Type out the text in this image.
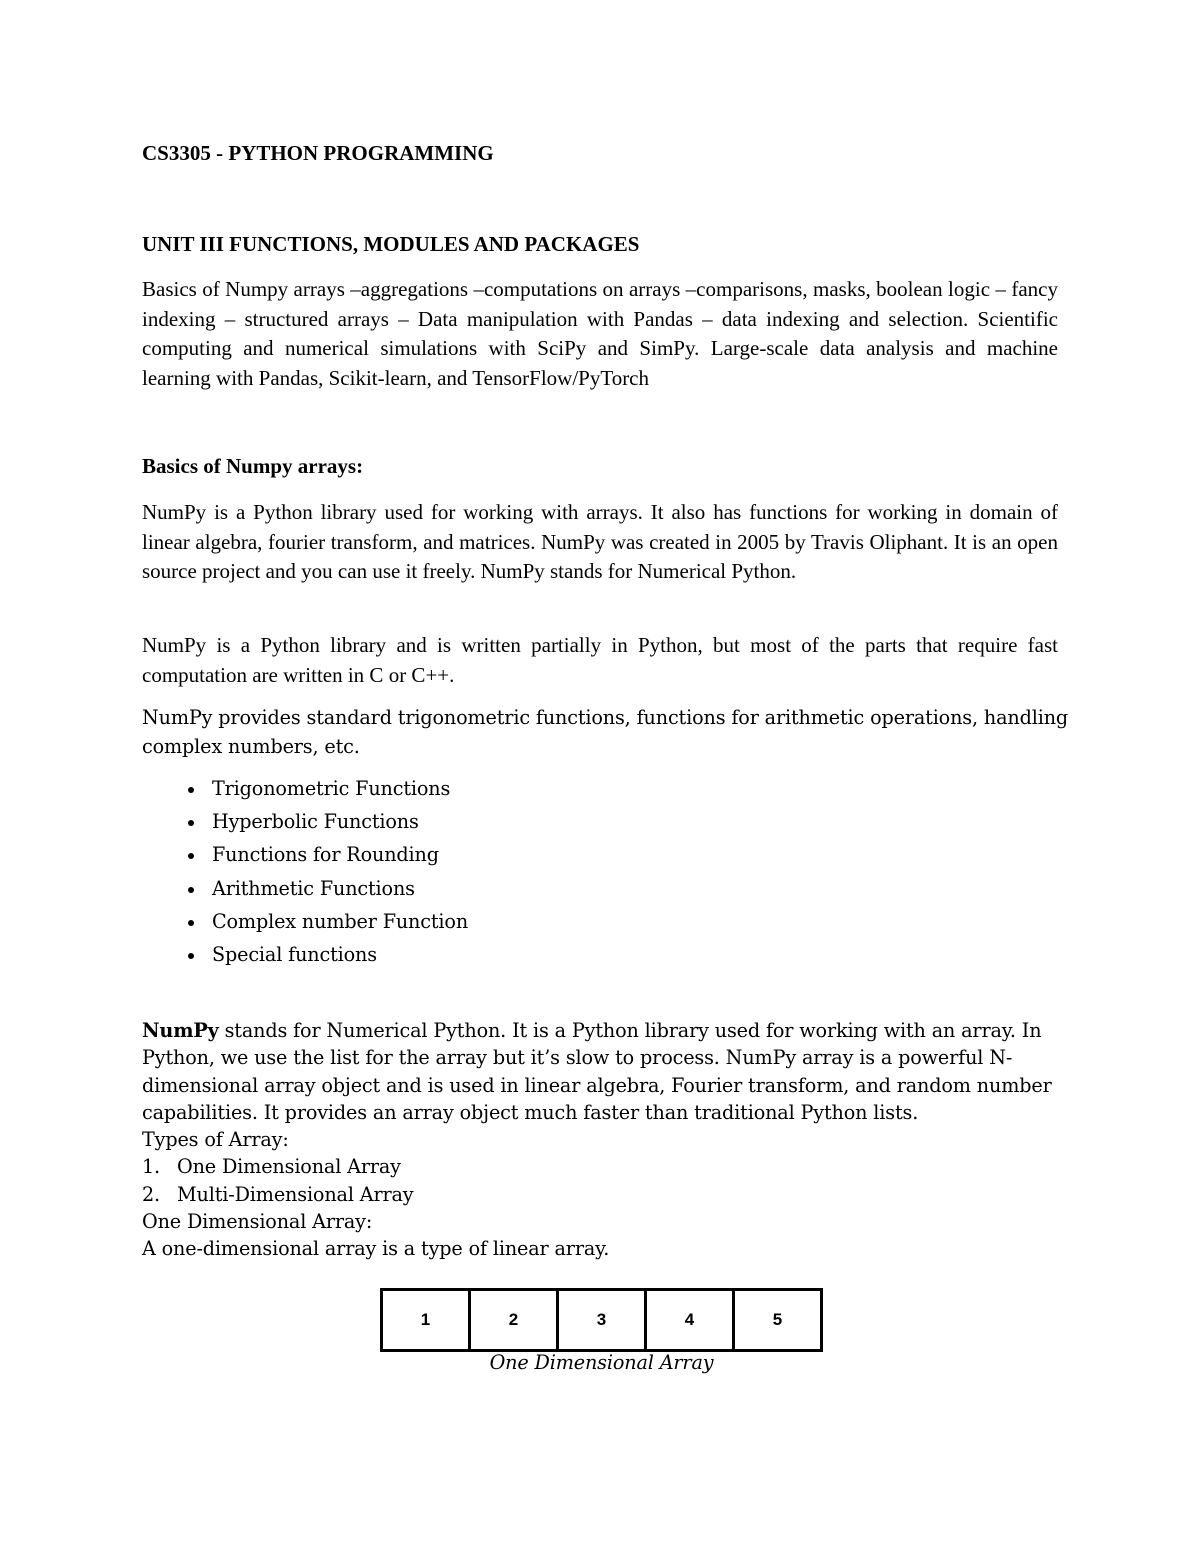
CS3305 - PYTHON PROGRAMMING

UNIT III FUNCTIONS, MODULES AND PACKAGES

Basics of Numpy arrays –aggregations –computations on arrays –comparisons, masks, boolean logic – fancy indexing – structured arrays – Data manipulation with Pandas – data indexing and selection. Scientific computing and numerical simulations with SciPy and SimPy. Large-scale data analysis and machine learning with Pandas, Scikit-learn, and TensorFlow/PyTorch

Basics of Numpy arrays:

NumPy is a Python library used for working with arrays. It also has functions for working in domain of linear algebra, fourier transform, and matrices. NumPy was created in 2005 by Travis Oliphant. It is an open source project and you can use it freely. NumPy stands for Numerical Python.

NumPy is a Python library and is written partially in Python, but most of the parts that require fast computation are written in C or C++.

NumPy provides standard trigonometric functions, functions for arithmetic operations, handling complex numbers, etc.

Trigonometric Functions
Hyperbolic Functions
Functions for Rounding
Arithmetic Functions
Complex number Function
Special functions

NumPy stands for Numerical Python. It is a Python library used for working with an array. In Python, we use the list for the array but it’s slow to process. NumPy array is a powerful N-dimensional array object and is used in linear algebra, Fourier transform, and random number capabilities. It provides an array object much faster than traditional Python lists.

Types of Array:

1. One Dimensional Array

2. Multi-Dimensional Array

One Dimensional Array:

A one-dimensional array is a type of linear array.

1	2	3	4	5
One Dimensional Array
